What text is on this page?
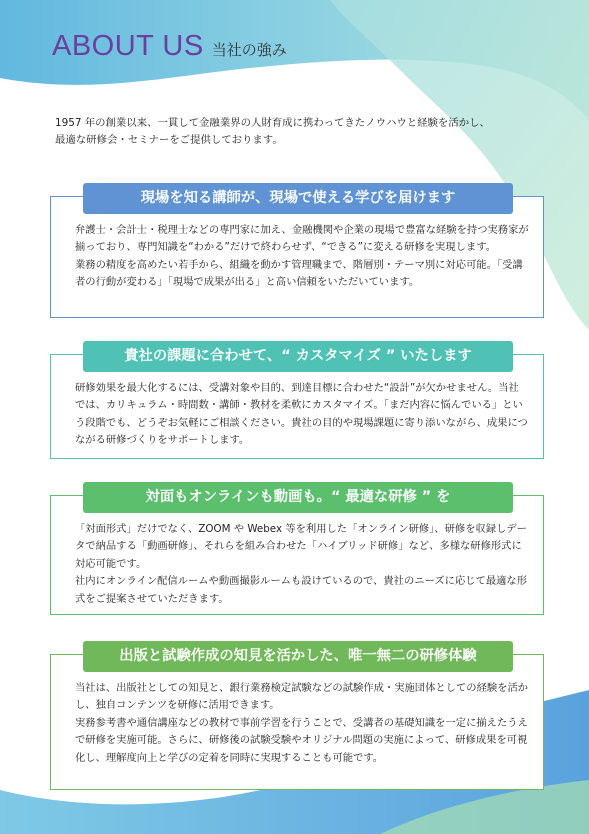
ABOUT US 当社の強み

1957 年の創業以来、一貫して金融業界の人財育成に携わってきたノウハウと経験を活かし、

最適な研修会・セミナーをご提供しております。

現場を知る講師が、現場で使える学びを届けます

弁護士・会計士・税理士などの専門家に加え、金融機関や企業の現場で豊富な経験を持つ実務家が揃っており、専門知識を“わかる”だけで終わらせず、“できる”に変える研修を実現します。

業務の精度を高めたい若手から、組織を動かす管理職まで、階層別・テーマ別に対応可能。「受講者の行動が変わる」「現場で成果が出る」と高い信頼をいただいています。

貴社の課題に合わせて、“ カスタマイズ ” いたします

研修効果を最大化するには、受講対象や目的、到達目標に合わせた“設計”が欠かせません。当社では、カリキュラム・時間数・講師・教材を柔軟にカスタマイズ。「まだ内容に悩んでいる」という段階でも、どうぞお気軽にご相談ください。貴社の目的や現場課題に寄り添いながら、成果につながる研修づくりをサポートします。

対面もオンラインも動画も。“ 最適な研修 ” を

「対面形式」だけでなく、ZOOM や Webex 等を利用した「オンライン研修」、研修を収録しデータで納品する「動画研修」、それらを組み合わせた「ハイブリッド研修」など、多様な研修形式に対応可能です。

社内にオンライン配信ルームや動画撮影ルームも設けているので、貴社のニーズに応じて最適な形式をご提案させていただきます。

出版と試験作成の知見を活かした、唯一無二の研修体験

当社は、出版社としての知見と、銀行業務検定試験などの試験作成・実施団体としての経験を活かし、独自コンテンツを研修に活用できます。

実務参考書や通信講座などの教材で事前学習を行うことで、受講者の基礎知識を一定に揃えたうえで研修を実施可能。さらに、研修後の試験受験やオリジナル問題の実施によって、研修成果を可視化し、理解度向上と学びの定着を同時に実現することも可能です。
